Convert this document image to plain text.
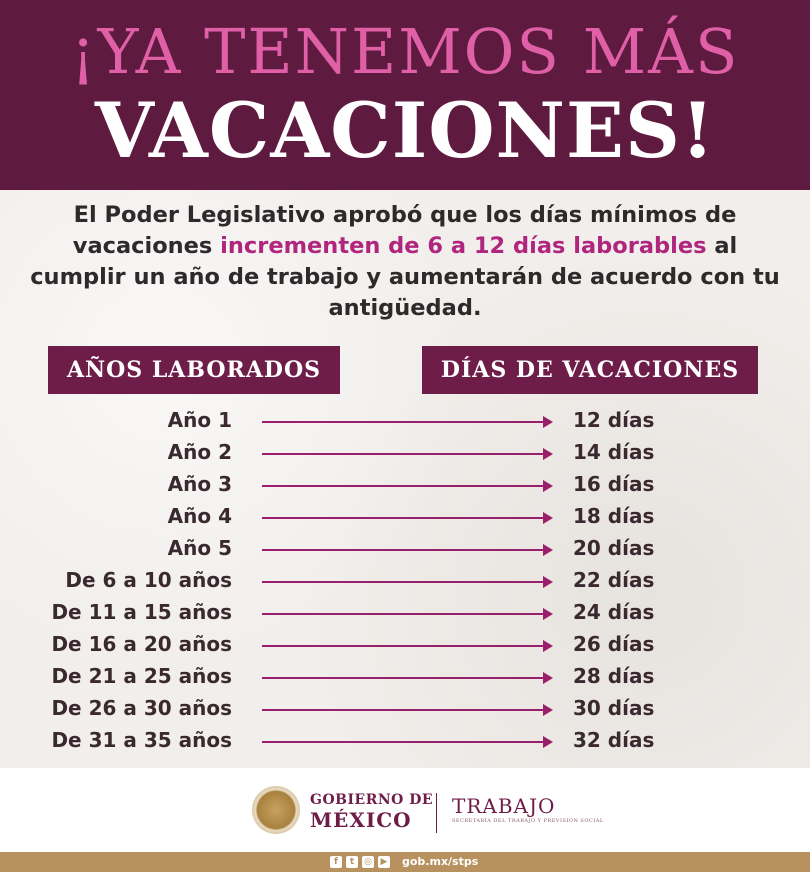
¡YA TENEMOS MÁS
VACACIONES!
El Poder Legislativo aprobó que los días mínimos de vacaciones incrementen de 6 a 12 días laborables al cumplir un año de trabajo y aumentarán de acuerdo con tu antigüedad.
AÑOS LABORADOS	DÍAS DE VACACIONES
Año 1	12 días
Año 2	14 días
Año 3	16 días
Año 4	18 días
Año 5	20 días
De 6 a 10 años	22 días
De 11 a 15 años	24 días
De 16 a 20 años	26 días
De 21 a 25 años	28 días
De 26 a 30 años	30 días
De 31 a 35 años	32 días
GOBIERNO DE
MÉXICO
TRABAJO
SECRETARÍA DEL TRABAJO Y PREVISIÓN SOCIAL
f	t	◎ ▶ gob.mx/stps
